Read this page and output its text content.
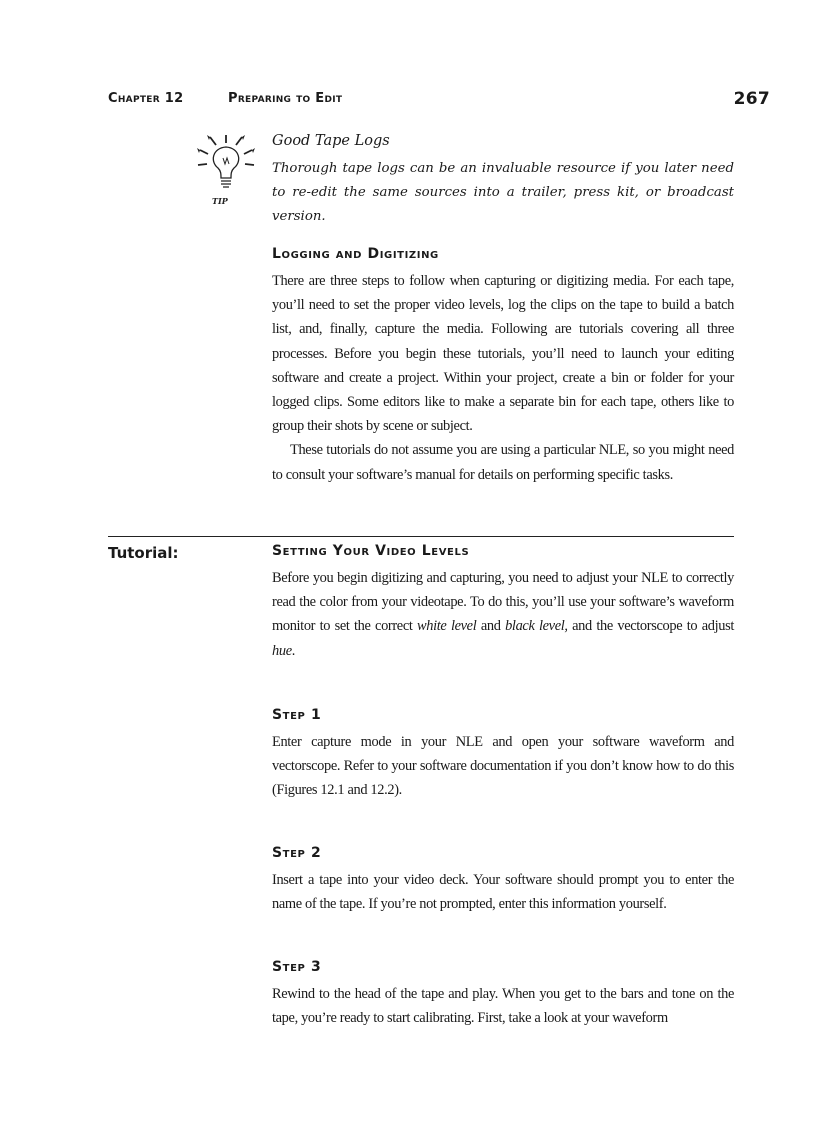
Chapter 12	Preparing to Edit	267
TIP
Good Tape Logs
Thorough tape logs can be an invaluable resource if you later need to re-edit the same sources into a trailer, press kit, or broadcast version.
Logging and Digitizing

There are three steps to follow when capturing or digitizing media. For each tape, you’ll need to set the proper video levels, log the clips on the tape to build a batch list, and, finally, capture the media. Following are tutorials covering all three processes. Before you begin these tutorials, you’ll need to launch your editing software and create a project. Within your project, create a bin or folder for your logged clips. Some editors like to make a separate bin for each tape, others like to group their shots by scene or subject.

These tutorials do not assume you are using a particular NLE, so you might need to consult your software’s manual for details on performing specific tasks.

Tutorial:	Setting Your Video Levels

Before you begin digitizing and capturing, you need to adjust your NLE to correctly read the color from your videotape. To do this, you’ll use your software’s waveform monitor to set the correct white level and black level, and the vectorscope to adjust hue.

Step 1
Enter capture mode in your NLE and open your software waveform and vectorscope. Refer to your software documentation if you don’t know how to do this (Figures 12.1 and 12.2).
Step 2
Insert a tape into your video deck. Your software should prompt you to enter the name of the tape. If you’re not prompted, enter this information yourself.
Step 3
Rewind to the head of the tape and play. When you get to the bars and tone on the tape, you’re ready to start calibrating. First, take a look at your waveform
